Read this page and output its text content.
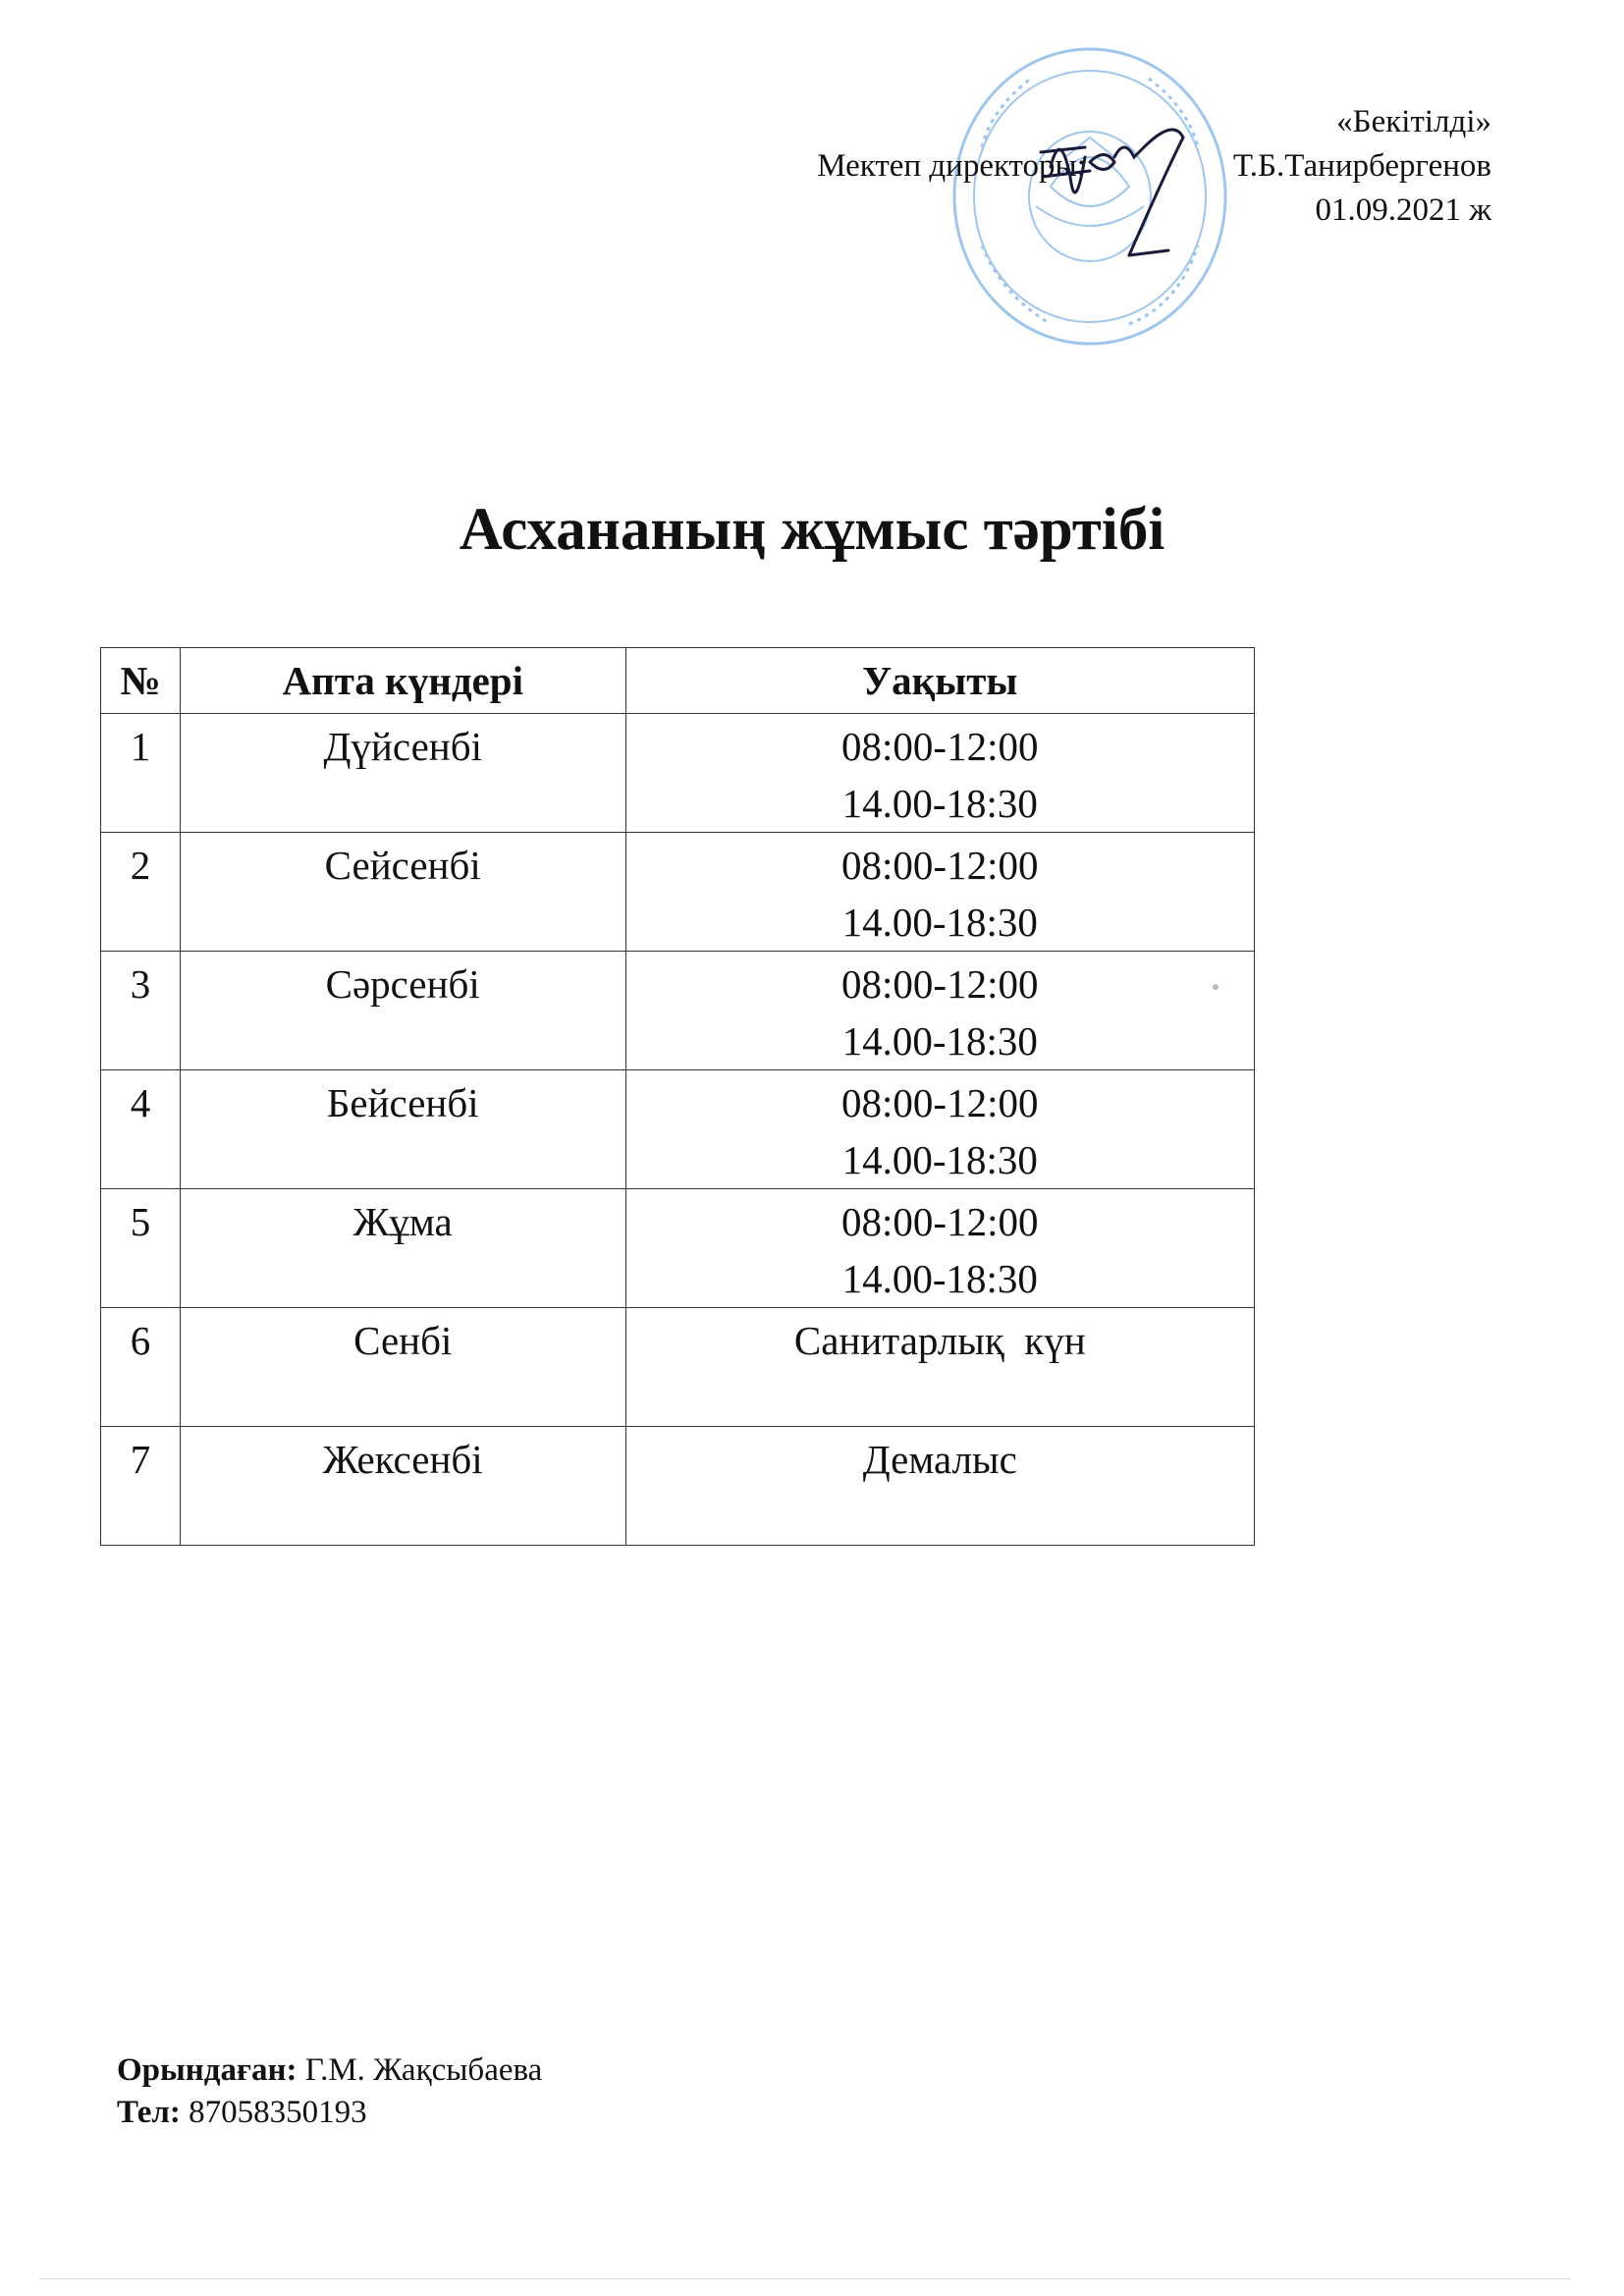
«Бекітілді»
Мектеп директоры:	Т.Б.Танирбергенов
01.09.2021 ж
Асхананың жұмыс тәртібі
№	Апта күндері	Уақыты
1	Дүйсенбі	08:00-12:00
14.00-18:30

2	Сейсенбі	08:00-12:00
14.00-18:30

3	Сәрсенбі	08:00-12:00
14.00-18:30

4	Бейсенбі	08:00-12:00
14.00-18:30

5	Жұма	08:00-12:00
14.00-18:30

6	Сенбі	Санитарлық  күн

7	Жексенбі	Демалыс
Орындаған: Г.М. Жақсыбаева
Тел: 87058350193
